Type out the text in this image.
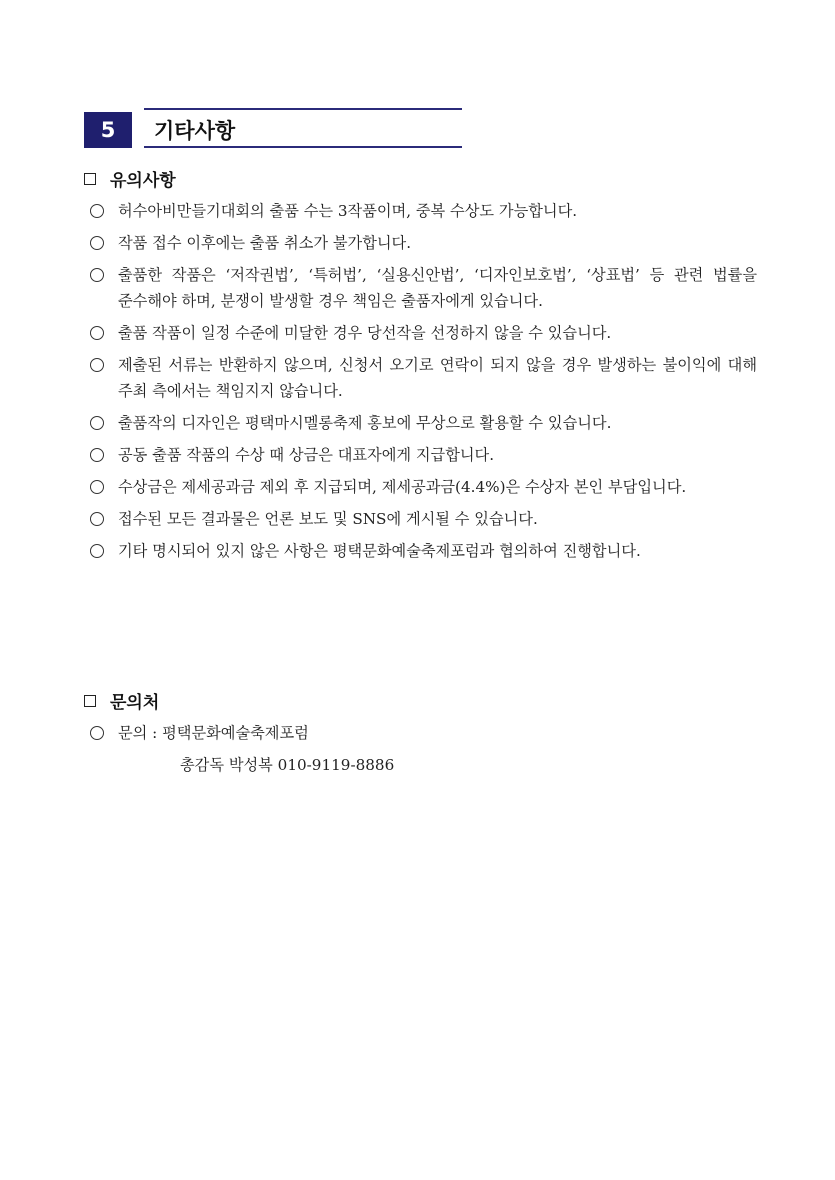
5	기타사항
유의사항
허수아비만들기대회의 출품 수는 3작품이며, 중복 수상도 가능합니다.
작품 접수 이후에는 출품 취소가 불가합니다.
출품한 작품은 ‘저작권법’, ‘특허법’, ‘실용신안법’, ‘디자인보호법’, ‘상표법’ 등 관련 법률을 준수해야 하며, 분쟁이 발생할 경우 책임은 출품자에게 있습니다.
출품 작품이 일정 수준에 미달한 경우 당선작을 선정하지 않을 수 있습니다.
제출된 서류는 반환하지 않으며, 신청서 오기로 연락이 되지 않을 경우 발생하는 불이익에 대해 주최 측에서는 책임지지 않습니다.
출품작의 디자인은 평택마시멜롱축제 홍보에 무상으로 활용할 수 있습니다.
공동 출품 작품의 수상 때 상금은 대표자에게 지급합니다.
수상금은 제세공과금 제외 후 지급되며, 제세공과금(4.4%)은 수상자 본인 부담입니다.
접수된 모든 결과물은 언론 보도 및 SNS에 게시될 수 있습니다.
기타 명시되어 있지 않은 사항은 평택문화예술축제포럼과 협의하여 진행합니다.
문의처
문의 : 평택문화예술축제포럼
총감독 박성복 010-9119-8886
